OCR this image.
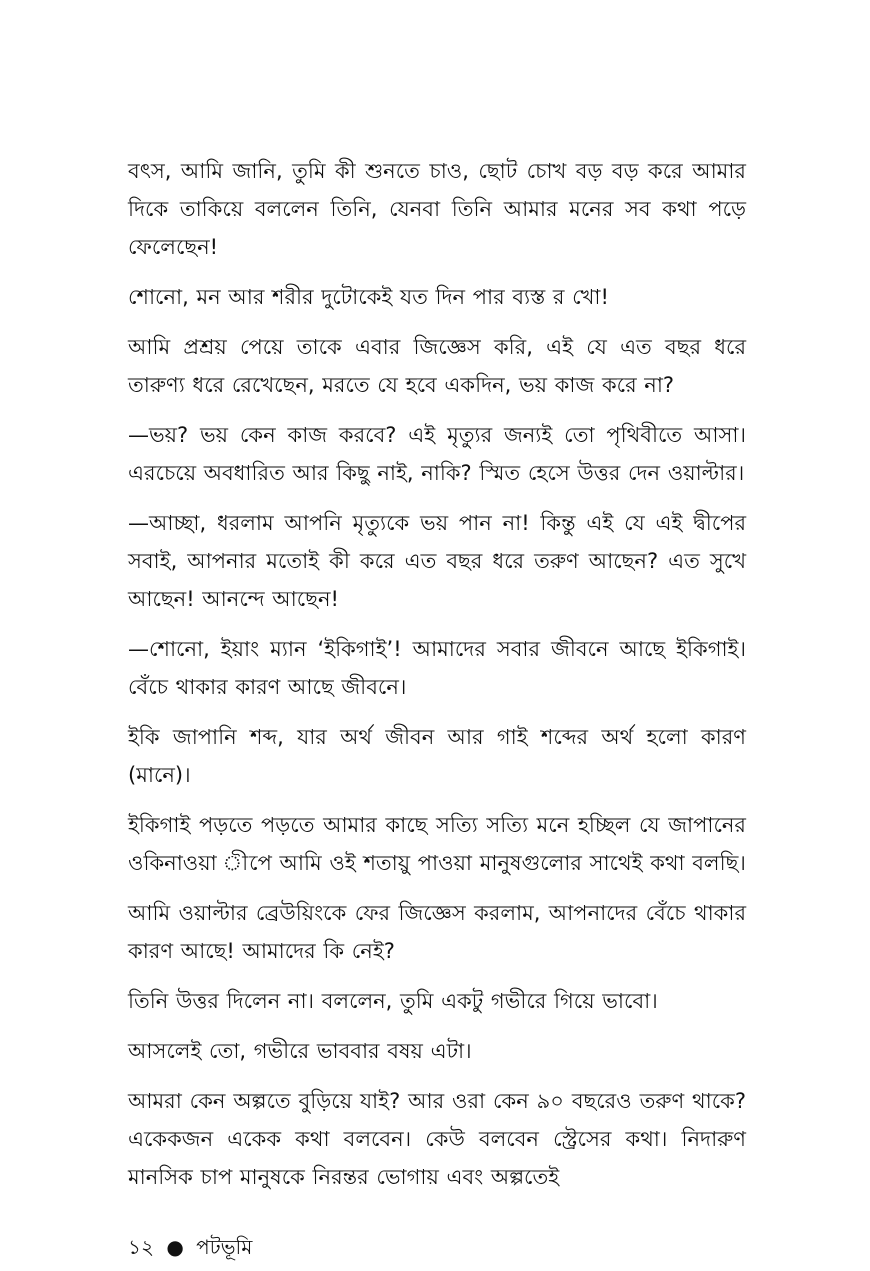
বৎস, আমি জানি, তুমি কী শুনতে চাও, ছোট চোখ বড় বড় করে আমার দিকে তাকিয়ে বললেন তিনি, যেনবা তিনি আমার মনের সব কথা পড়ে ফেলেছেন!

শোনো, মন আর শরীর দুটোকেই যত দিন পার ব্যস্ত র খো!

আমি প্রশ্রয় পেয়ে তাকে এবার জিজ্ঞেস করি, এই যে এত বছর ধরে তারুণ্য ধরে রেখেছেন, মরতে যে হবে একদিন, ভয় কাজ করে না?

—ভয়? ভয় কেন কাজ করবে? এই মৃত্যুর জন্যই তো পৃথিবীতে আসা। এরচেয়ে অবধারিত আর কিছু নাই, নাকি? স্মিত হেসে উত্তর দেন ওয়াল্টার।

—আচ্ছা, ধরলাম আপনি মৃত্যুকে ভয় পান না! কিন্তু এই যে এই দ্বীপের সবাই, আপনার মতোই কী করে এত বছর ধরে তরুণ আছেন? এত সুখে আছেন! আনন্দে আছেন!

—শোনো, ইয়াং ম্যান ‘ইকিগাই’! আমাদের সবার জীবনে আছে ইকিগাই। বেঁচে থাকার কারণ আছে জীবনে।

ইকি জাপানি শব্দ, যার অর্থ জীবন আর গাই শব্দের অর্থ হলো কারণ (মানে)।

ইকিগাই পড়তে পড়তে আমার কাছে সত্যি সত্যি মনে হচ্ছিল যে জাপানের ওকিনাওয়া ীপে আমি ওই শতায়ু পাওয়া মানুষগুলোর সাথেই কথা বলছি।

আমি ওয়াল্টার ব্রেউয়িংকে ফের জিজ্ঞেস করলাম, আপনাদের বেঁচে থাকার কারণ আছে! আমাদের কি নেই?

তিনি উত্তর দিলেন না। বললেন, তুমি একটু গভীরে গিয়ে ভাবো।

আসলেই তো, গভীরে ভাববার বষয় এটা।

আমরা কেন অল্পতে বুড়িয়ে যাই? আর ওরা কেন ৯০ বছরেও তরুণ থাকে? একেকজন একেক কথা বলবেন। কেউ বলবেন স্ট্রেসের কথা। নিদারুণ মানসিক চাপ মানুষকে নিরন্তর ভোগায় এবং অল্পতেই

১২ ● পটভূমি
